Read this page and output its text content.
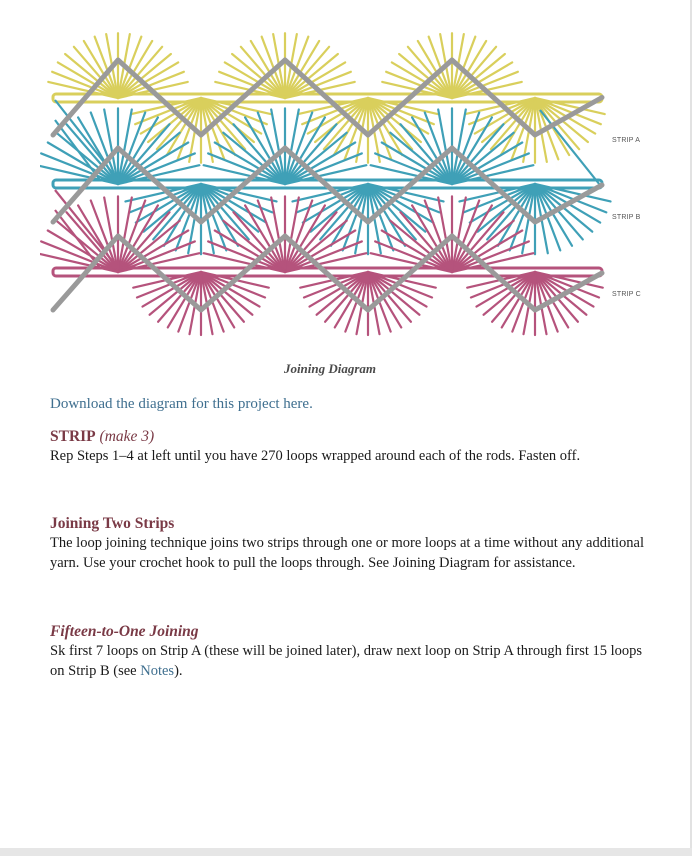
STRIP A
STRIP B
STRIP C
Joining Diagram
Download the diagram for this project here.
STRIP (make 3)
Rep Steps 1–4 at left until you have 270 loops wrapped around each of the rods. Fasten off.
Joining Two Strips
The loop joining technique joins two strips through one or more loops at a time without any additional yarn. Use your crochet hook to pull the loops through. See Joining Diagram for assistance.
Fifteen-to-One Joining
Sk first 7 loops on Strip A (these will be joined later), draw next loop on Strip A through first 15 loops on Strip B (see Notes).
